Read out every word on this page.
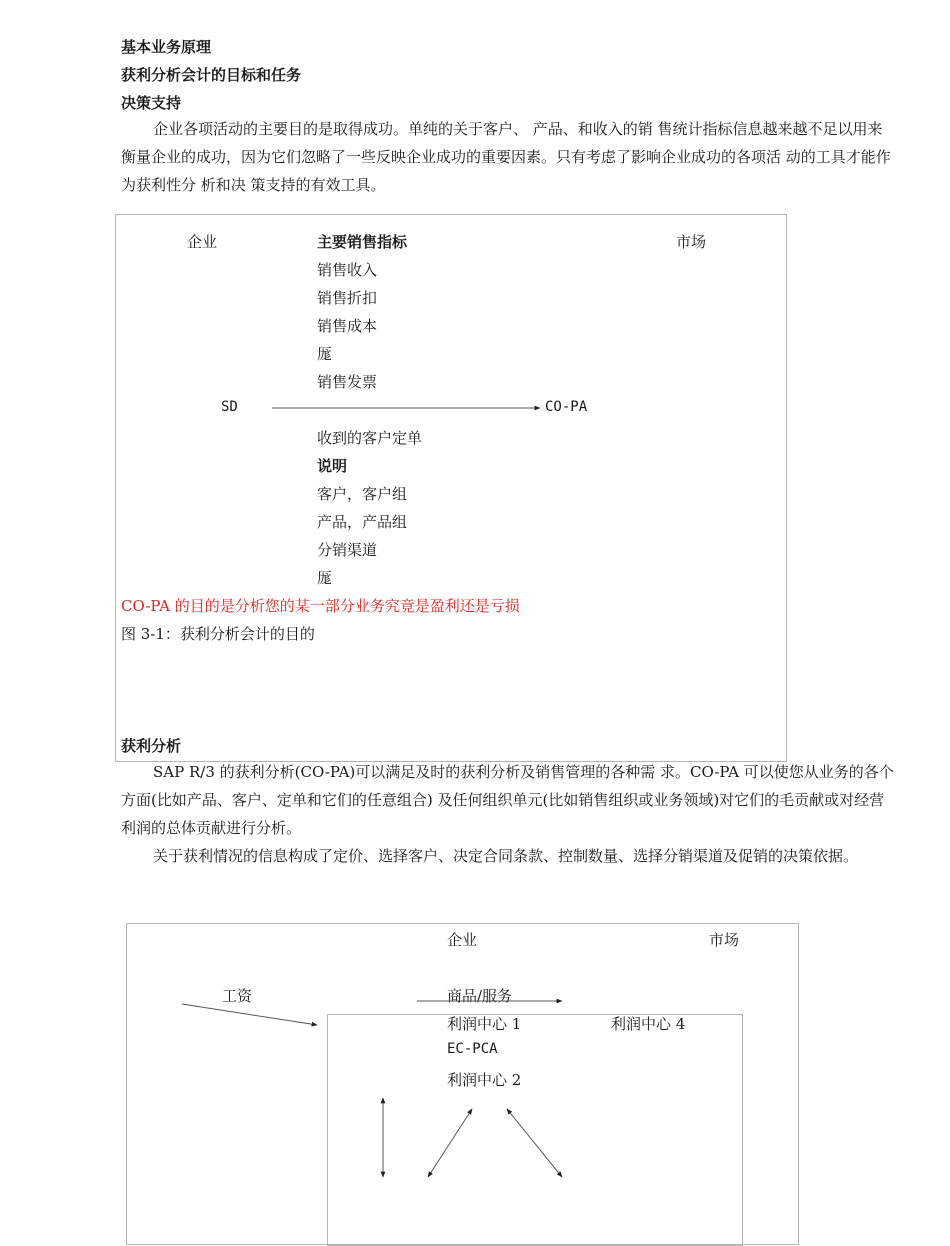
基本业务原理
获利分析会计的目标和任务
决策支持
企业各项活动的主要目的是取得成功。单纯的关于客户、 产品、和收入的销 售统计指标信息越来越不足以用来衡量企业的成功，因为它们忽略了一些反映企业成功的重要因素。只有考虑了影响企业成功的各项活 动的工具才能作为获利性分 析和决 策支持的有效工具。
企业	主要销售指标	市场
销售收入
销售折扣
销售成本
厖
销售发票
SD	CO-PA
收到的客户定单
说明
客户，客户组
产品，产品组
分销渠道
厖
CO-PA 的目的是分析您的某一部分业务究竟是盈利还是亏损
图 3-1：获利分析会计的目的
获利分析
SAP R/3 的获利分析(CO-PA)可以满足及时的获利分析及销售管理的各种需 求。CO-PA 可以使您从业务的各个方面(比如产品、客户、定单和它们的任意组合) 及任何组织单元(比如销售组织或业务领域)对它们的毛贡献或对经营利润的总体贡献进行分析。
关于获利情况的信息构成了定价、选择客户、决定合同条款、控制数量、选择分销渠道及促销的决策依据。
企业	市场
工资	商品/服务
利润中心 1	利润中心 4
EC-PCA
利润中心 2
